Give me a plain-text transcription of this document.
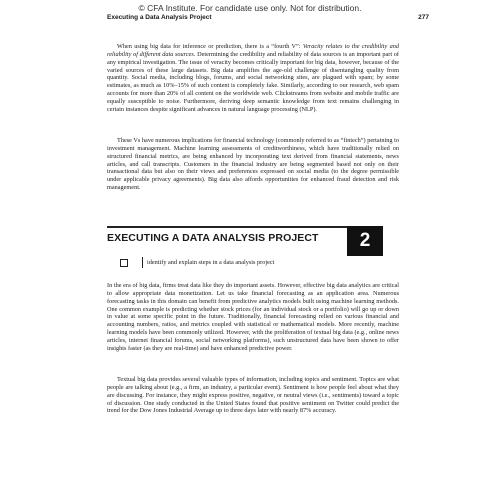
© CFA Institute. For candidate use only. Not for distribution.
Executing a Data Analysis Project	277

When using big data for inference or prediction, there is a “fourth V”: Veracity relates to the credibility and reliability of different data sources. Determining the credibility and reliability of data sources is an important part of any empirical investigation. The issue of veracity becomes critically important for big data, however, because of the varied sources of these large datasets. Big data amplifies the age-old challenge of disentangling quality from quantity. Social media, including blogs, forums, and social networking sites, are plagued with spam; by some estimates, as much as 10%–15% of such content is completely fake. Similarly, according to our research, web spam accounts for more than 20% of all content on the worldwide web. Clickstreams from website and mobile traffic are equally susceptible to noise. Furthermore, deriving deep semantic knowledge from text remains challenging in certain instances despite significant advances in natural language processing (NLP).

These Vs have numerous implications for financial technology (commonly referred to as “fintech”) pertaining to investment management. Machine learning assessments of creditworthiness, which have traditionally relied on structured financial metrics, are being enhanced by incorporating text derived from financial statements, news articles, and call transcripts. Customers in the financial industry are being segmented based not only on their transactional data but also on their views and preferences expressed on social media (to the degree permissible under applicable privacy agreements). Big data also affords opportunities for enhanced fraud detection and risk management.

EXECUTING A DATA ANALYSIS PROJECT	2
identify and explain steps in a data analysis project

In the era of big data, firms treat data like they do important assets. However, effective big data analytics are critical to allow appropriate data monetization. Let us take financial forecasting as an application area. Numerous forecasting tasks in this domain can benefit from predictive analytics models built using machine learning methods. One common example is predicting whether stock prices (for an individual stock or a portfolio) will go up or down in value at some specific point in the future. Traditionally, financial forecasting relied on various financial and accounting numbers, ratios, and metrics coupled with statistical or mathematical models. More recently, machine learning models have been commonly utilized. However, with the proliferation of textual big data (e.g., online news articles, internet financial forums, social networking platforms), such unstructured data have been shown to offer insights faster (as they are real-time) and have enhanced predictive power.

Textual big data provides several valuable types of information, including topics and sentiment. Topics are what people are talking about (e.g., a firm, an industry, a particular event). Sentiment is how people feel about what they are discussing. For instance, they might express positive, negative, or neutral views (i.e., sentiments) toward a topic of discussion. One study conducted in the United States found that positive sentiment on Twitter could predict the trend for the Dow Jones Industrial Average up to three days later with nearly 87% accuracy.
